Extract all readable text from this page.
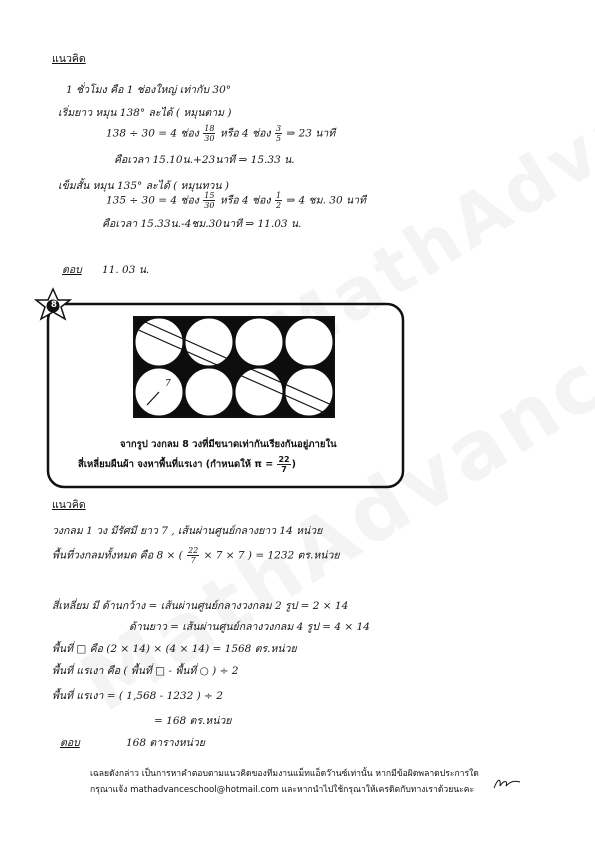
แนวคิด
1 ชั่วโมง คือ 1 ช่องใหญ่ เท่ากับ 30°
เริ่มยาว หมุน 138° ละได้ ( หมุนตาม )
138 ÷ 30 = 4 ช่อง $\frac{18}{30}$ หรือ 4 ช่อง $\frac{3}{5}$ ⇒ 23 นาที
คือเวลา 15.10น.+23นาที ⇒ 15.33 น.
เข็มสั้น หมุน 135° ละได้ ( หมุนทวน )
135 ÷ 30 = 4 ช่อง $\frac{15}{30}$ หรือ 4 ช่อง $\frac{1}{2}$ ⇒ 4 ชม. 30 นาที
คือเวลา 15.33น.-4ชม.30นาที ⇒ 11.03 น.
ตอบ 11. 03 น.
8
7
จากรูป วงกลม 8 วงที่มีขนาดเท่ากันเรียงกันอยู่ภายใน
สี่เหลี่ยมผืนผ้า จงหาพื้นที่แรเงา (กำหนดให้ $\pi = \frac{22}{7}$ )
แนวคิด
วงกลม 1 วง มีรัศมี ยาว 7 , เส้นผ่านศูนย์กลางยาว 14 หน่วย
พื้นที่วงกลมทั้งหมด คือ 8 × ( $\frac{22}{7} \times 7 \times 7$ ) = 1232 ตร.หน่วย
สี่เหลี่ยม มี ด้านกว้าง = เส้นผ่านศูนย์กลางวงกลม 2 รูป = 2 × 14
ด้านยาว = เส้นผ่านศูนย์กลางวงกลม 4 รูป = 4 × 14
พื้นที่ □ คือ (2 × 14) × (4 × 14) = 1568 ตร.หน่วย
พื้นที่ แรเงา คือ ( พื้นที่ □ - พื้นที่ ○ ) ÷ 2
พื้นที่ แรเงา = ( 1,568 - 1232 ) ÷ 2
= 168 ตร.หน่วย
ตอบ	168 ตารางหน่วย
เฉลยดังกล่าว เป็นการหาคำตอบตามแนวคิดของทีมงานแม็ทแอ็ดว๊านซ์เท่านั้น หากมีข้อผิดพลาดประการใด
กรุณาแจ้ง mathadvanceschool@hotmail.com และหากนำไปใช้กรุณาให้เครดิตกับทางเราด้วยนะคะ
